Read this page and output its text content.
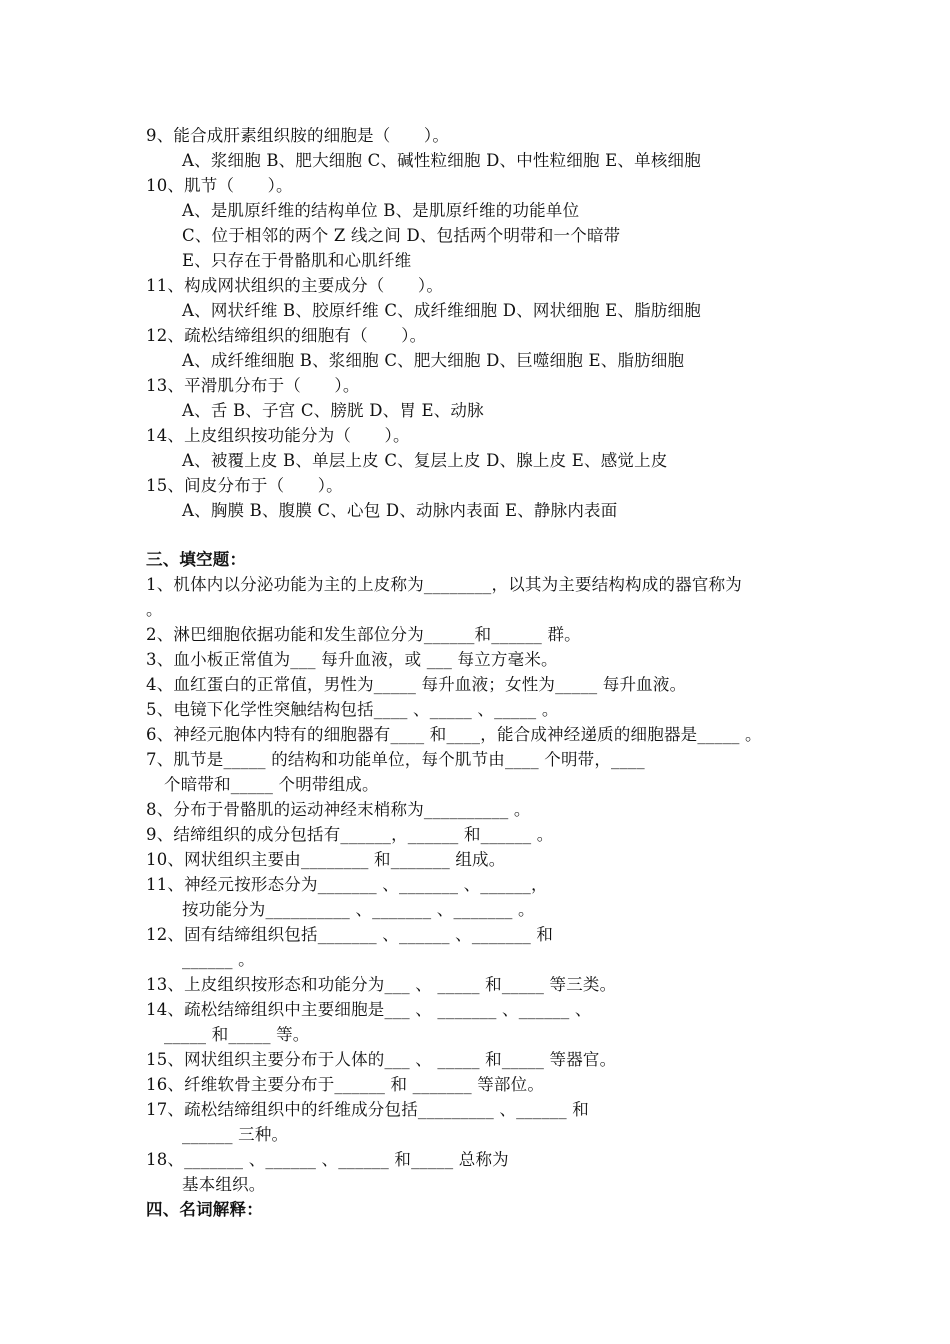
9、能合成肝素组织胺的细胞是（　　）。
A、浆细胞 B、肥大细胞 C、碱性粒细胞 D、中性粒细胞 E、单核细胞
10、肌节（　　）。
A、是肌原纤维的结构单位 B、是肌原纤维的功能单位
C、位于相邻的两个 Z 线之间 D、包括两个明带和一个暗带
E、只存在于骨骼肌和心肌纤维
11、构成网状组织的主要成分（　　）。
A、网状纤维 B、胶原纤维 C、成纤维细胞 D、网状细胞 E、脂肪细胞
12、疏松结缔组织的细胞有（　　）。
A、成纤维细胞 B、浆细胞 C、肥大细胞 D、巨噬细胞 E、脂肪细胞
13、平滑肌分布于（　　）。
A、舌 B、子宫 C、膀胱 D、胃 E、动脉
14、上皮组织按功能分为（　　）。
A、被覆上皮 B、单层上皮 C、复层上皮 D、腺上皮 E、感觉上皮
15、间皮分布于（　　）。
A、胸膜 B、腹膜 C、心包 D、动脉内表面 E、静脉内表面
三、填空题：
1、机体内以分泌功能为主的上皮称为________，以其为主要结构构成的器官称为
。
2、淋巴细胞依据功能和发生部位分为______和______ 群。
3、血小板正常值为___ 每升血液，或 ___ 每立方毫米。
4、血红蛋白的正常值，男性为_____ 每升血液；女性为_____ 每升血液。
5、电镜下化学性突触结构包括____ 、_____ 、_____ 。
6、神经元胞体内特有的细胞器有____ 和____，能合成神经递质的细胞器是_____ 。
7、肌节是_____ 的结构和功能单位，每个肌节由____ 个明带，____
个暗带和_____ 个明带组成。
8、分布于骨骼肌的运动神经末梢称为__________ 。
9、结缔组织的成分包括有______，______ 和______ 。
10、网状组织主要由________ 和_______ 组成。
11、神经元按形态分为_______ 、_______ 、______，
按功能分为__________ 、_______ 、_______ 。
12、固有结缔组织包括_______ 、______ 、_______ 和
______ 。
13、上皮组织按形态和功能分为___ 、 _____ 和_____ 等三类。
14、疏松结缔组织中主要细胞是___ 、 _______ 、______ 、
_____ 和_____ 等。
15、网状组织主要分布于人体的___ 、 _____ 和_____ 等器官。
16、纤维软骨主要分布于______ 和 _______ 等部位。
17、疏松结缔组织中的纤维成分包括_________ 、______ 和
______ 三种。
18、_______ 、______ 、______ 和_____ 总称为
基本组织。
四、名词解释：
